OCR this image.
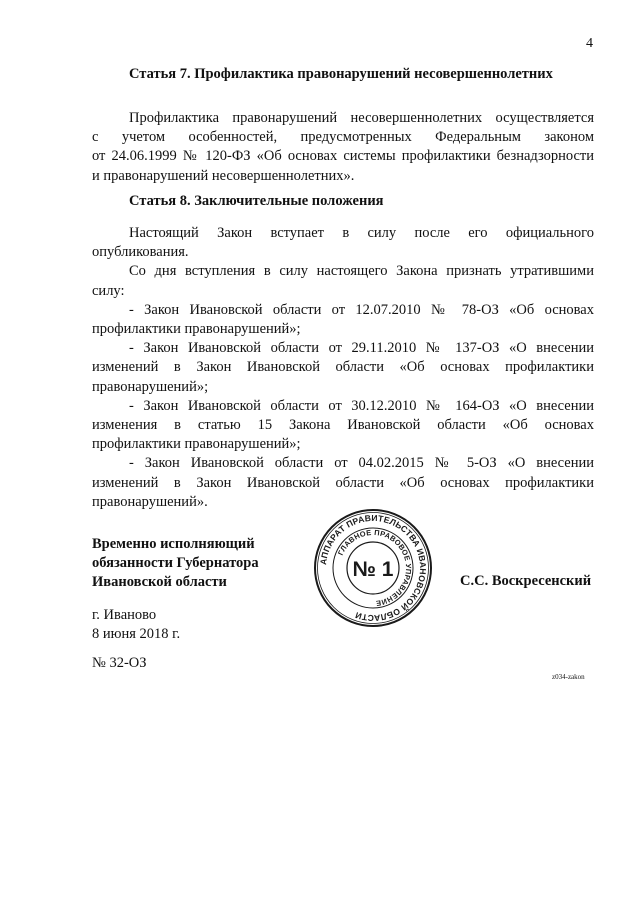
4
Статья 7. Профилактика правонарушений несовершеннолетних
Профилактика правонарушений несовершеннолетних осуществляется
с учетом особенностей, предусмотренных Федеральным законом
от 24.06.1999 № 120-ФЗ «Об основах системы профилактики безнадзорности
и правонарушений несовершеннолетних».
Статья 8. Заключительные положения
Настоящий Закон вступает в силу после его официального
опубликования.
Со дня вступления в силу настоящего Закона признать утратившими
силу:
- Закон Ивановской области от 12.07.2010 № 78-ОЗ «Об основах
профилактики правонарушений»;
- Закон Ивановской области от 29.11.2010 № 137-ОЗ «О внесении
изменений в Закон Ивановской области «Об основах профилактики
правонарушений»;
- Закон Ивановской области от 30.12.2010 № 164-ОЗ «О внесении
изменения в статью 15 Закона Ивановской области «Об основах
профилактики правонарушений»;
- Закон Ивановской области от 04.02.2015 № 5-ОЗ «О внесении
изменений в Закон Ивановской области «Об основах профилактики
правонарушений».
Временно исполняющий
обязанности Губернатора
Ивановской области
АППАРАТ ПРАВИТЕЛЬСТВА ИВАНОВСКОЙ ОБЛАСТИ
ГЛАВНОЕ ПРАВОВОЕ УПРАВЛЕНИЕ
№ 1	С.С. Воскресенский
г. Иваново
8 июня 2018 г.
№ 32-ОЗ
z034-zakon
